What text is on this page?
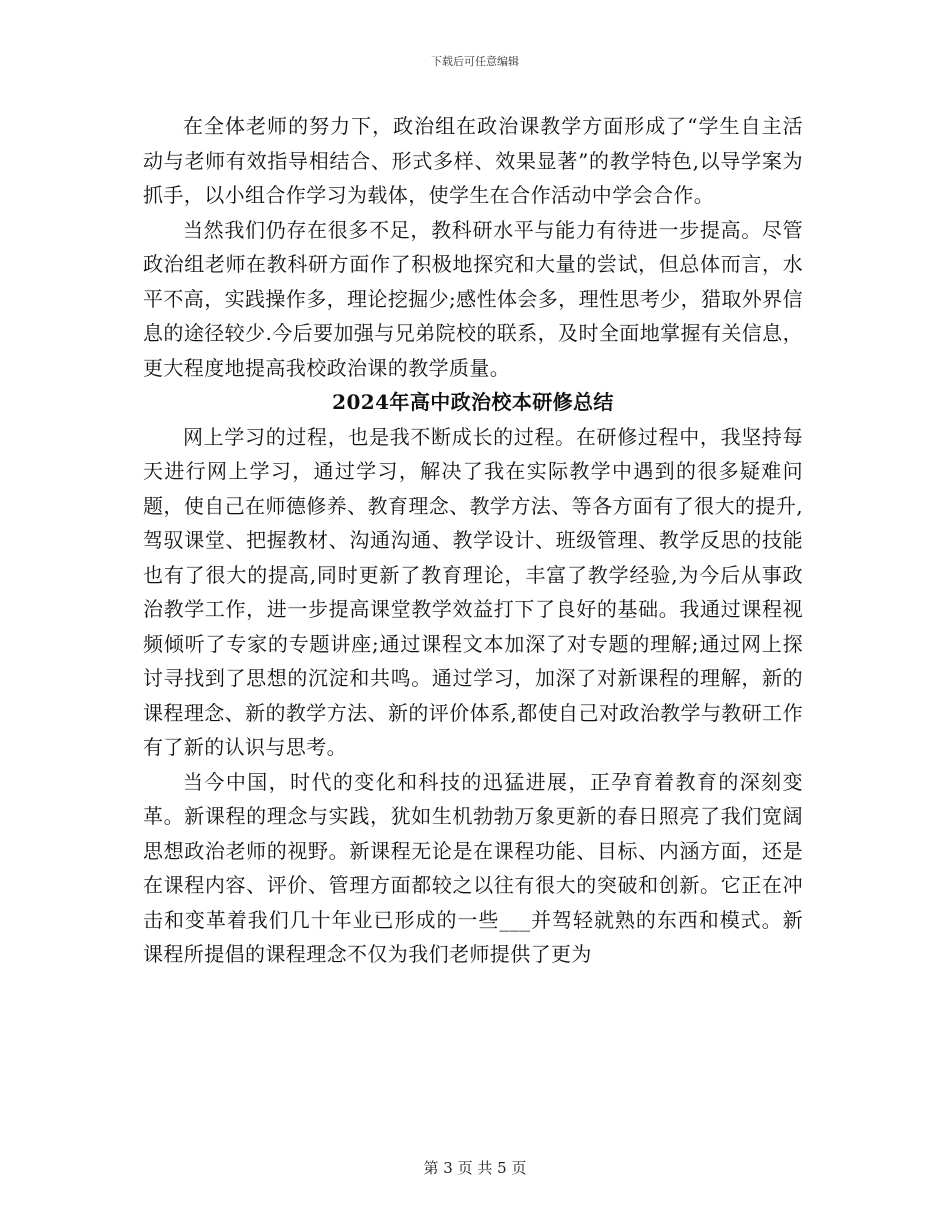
下载后可任意编辑

在全体老师的努力下，政治组在政治课教学方面形成了“学生自主活动与老师有效指导相结合、形式多样、效果显著”的教学特色,以导学案为抓手，以小组合作学习为载体，使学生在合作活动中学会合作。

当然我们仍存在很多不足，教科研水平与能力有待进一步提高。尽管政治组老师在教科研方面作了积极地探究和大量的尝试，但总体而言，水平不高，实践操作多，理论挖掘少;感性体会多，理性思考少，猎取外界信息的途径较少.今后要加强与兄弟院校的联系，及时全面地掌握有关信息，更大程度地提高我校政治课的教学质量。

2024年高中政治校本研修总结

网上学习的过程，也是我不断成长的过程。在研修过程中，我坚持每天进行网上学习，通过学习，解决了我在实际教学中遇到的很多疑难问题，使自己在师德修养、教育理念、教学方法、等各方面有了很大的提升,驾驭课堂、把握教材、沟通沟通、教学设计、班级管理、教学反思的技能也有了很大的提高,同时更新了教育理论，丰富了教学经验,为今后从事政治教学工作，进一步提高课堂教学效益打下了良好的基础。我通过课程视频倾听了专家的专题讲座;通过课程文本加深了对专题的理解;通过网上探讨寻找到了思想的沉淀和共鸣。通过学习，加深了对新课程的理解，新的课程理念、新的教学方法、新的评价体系,都使自己对政治教学与教研工作有了新的认识与思考。

当今中国，时代的变化和科技的迅猛进展，正孕育着教育的深刻变革。新课程的理念与实践，犹如生机勃勃万象更新的春日照亮了我们宽阔思想政治老师的视野。新课程无论是在课程功能、目标、内涵方面，还是在课程内容、评价、管理方面都较之以往有很大的突破和创新。它正在冲击和变革着我们几十年业已形成的一些___并驾轻就熟的东西和模式。新课程所提倡的课程理念不仅为我们老师提供了更为

第 3 页 共 5 页
